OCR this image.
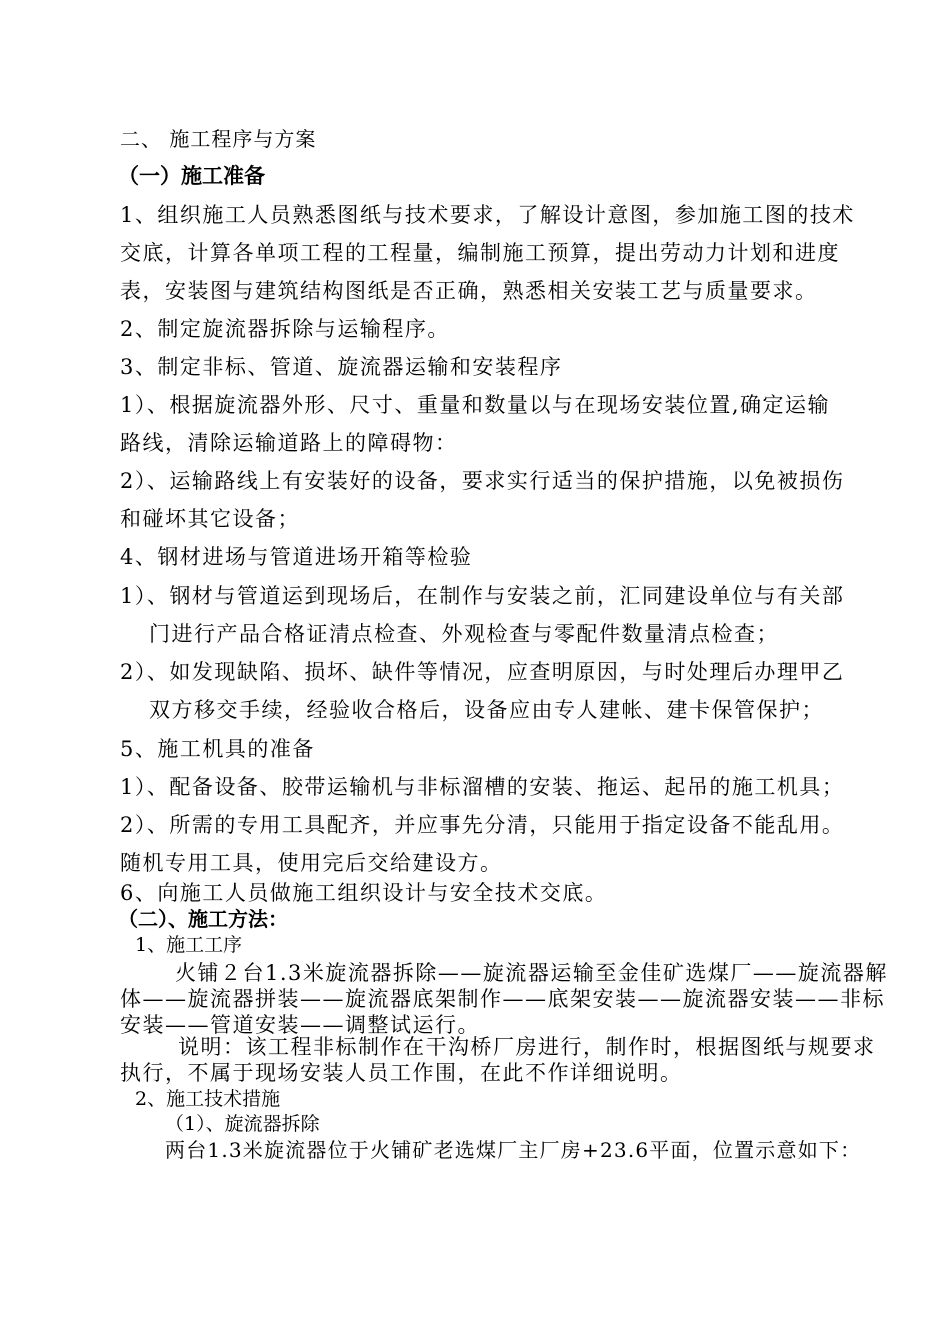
二、 施工程序与方案
（一）施工准备
1、组织施工人员熟悉图纸与技术要求，了解设计意图，参加施工图的技术
交底，计算各单项工程的工程量，编制施工预算，提出劳动力计划和进度
表，安装图与建筑结构图纸是否正确，熟悉相关安装工艺与质量要求。
2、制定旋流器拆除与运输程序。
3、制定非标、管道、旋流器运输和安装程序
1）、根据旋流器外形、尺寸、重量和数量以与在现场安装位置,确定运输
路线，清除运输道路上的障碍物：
2）、运输路线上有安装好的设备，要求实行适当的保护措施，以免被损伤
和碰坏其它设备；
4、钢材进场与管道进场开箱等检验
1）、钢材与管道运到现场后，在制作与安装之前，汇同建设单位与有关部
门进行产品合格证清点检查、外观检查与零配件数量清点检查；
2）、如发现缺陷、损坏、缺件等情况，应查明原因，与时处理后办理甲乙
双方移交手续，经验收合格后，设备应由专人建帐、建卡保管保护；
5、施工机具的准备
1）、配备设备、胶带运输机与非标溜槽的安装、拖运、起吊的施工机具；
2）、所需的专用工具配齐，并应事先分清，只能用于指定设备不能乱用。
随机专用工具，使用完后交给建设方。
6、向施工人员做施工组织设计与安全技术交底。
（二）、施工方法：
1、施工工序
火铺２台1.3米旋流器拆除——旋流器运输至金佳矿选煤厂——旋流器解
体——旋流器拼装——旋流器底架制作——底架安装——旋流器安装——非标
安装——管道安装——调整试运行。
说明：该工程非标制作在干沟桥厂房进行，制作时，根据图纸与规要求
执行，不属于现场安装人员工作围，在此不作详细说明。
2、施工技术措施
（1）、旋流器拆除
两台1.3米旋流器位于火铺矿老选煤厂主厂房+23.6平面，位置示意如下：
